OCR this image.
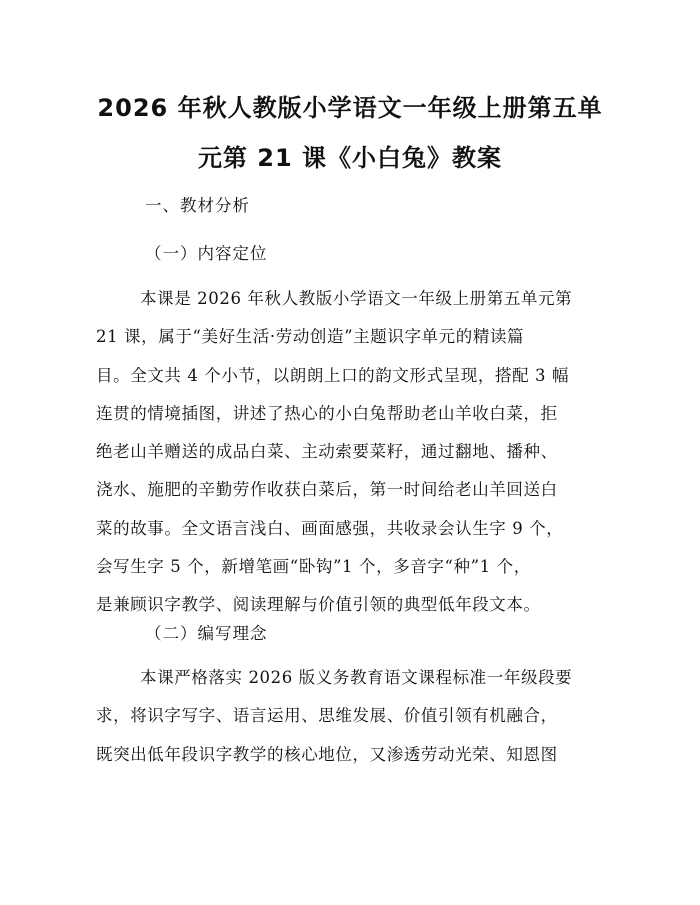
2026 年秋人教版小学语文一年级上册第五单
元第 21 课《小白兔》教案
一、教材分析
（一）内容定位

本课是 2026 年秋人教版小学语文一年级上册第五单元第
21 课，属于“美好生活·劳动创造”主题识字单元的精读篇
目。全文共 4 个小节，以朗朗上口的韵文形式呈现，搭配 3 幅
连贯的情境插图，讲述了热心的小白兔帮助老山羊收白菜，拒
绝老山羊赠送的成品白菜、主动索要菜籽，通过翻地、播种、
浇水、施肥的辛勤劳作收获白菜后，第一时间给老山羊回送白
菜的故事。全文语言浅白、画面感强，共收录会认生字 9 个，
会写生字 5 个，新增笔画“卧钩”1 个，多音字“种”1 个，
是兼顾识字教学、阅读理解与价值引领的典型低年段文本。

（二）编写理念

本课严格落实 2026 版义务教育语文课程标准一年级段要
求，将识字写字、语言运用、思维发展、价值引领有机融合，
既突出低年段识字教学的核心地位，又渗透劳动光荣、知恩图
